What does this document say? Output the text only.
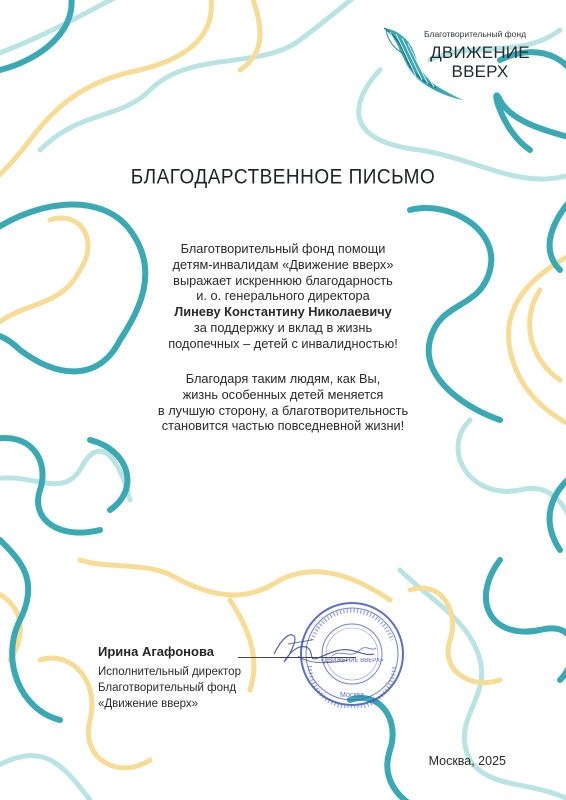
Благотворительный фонд
ДВИЖЕНИЕ
ВВЕРХ
БЛАГОДАРСТВЕННОЕ ПИСЬМО
Благотворительный фонд помощи
детям-инвалидам «Движение вверх»
выражает искреннюю благодарность
и. о. генерального директора
Линеву Константину Николаевичу
за поддержку и вклад в жизнь
подопечных – детей с инвалидностью!
Благодаря таким людям, как Вы,
жизнь особенных детей меняется
в лучшую сторону, а благотворительность
становится частью повседневной жизни!
Ирина Агафонова
Исполнительный директор
Благотворительный фонд
«Движение вверх»
«ДВИЖЕНИЕ ВВЕРХ»
Москва
Москва, 2025
